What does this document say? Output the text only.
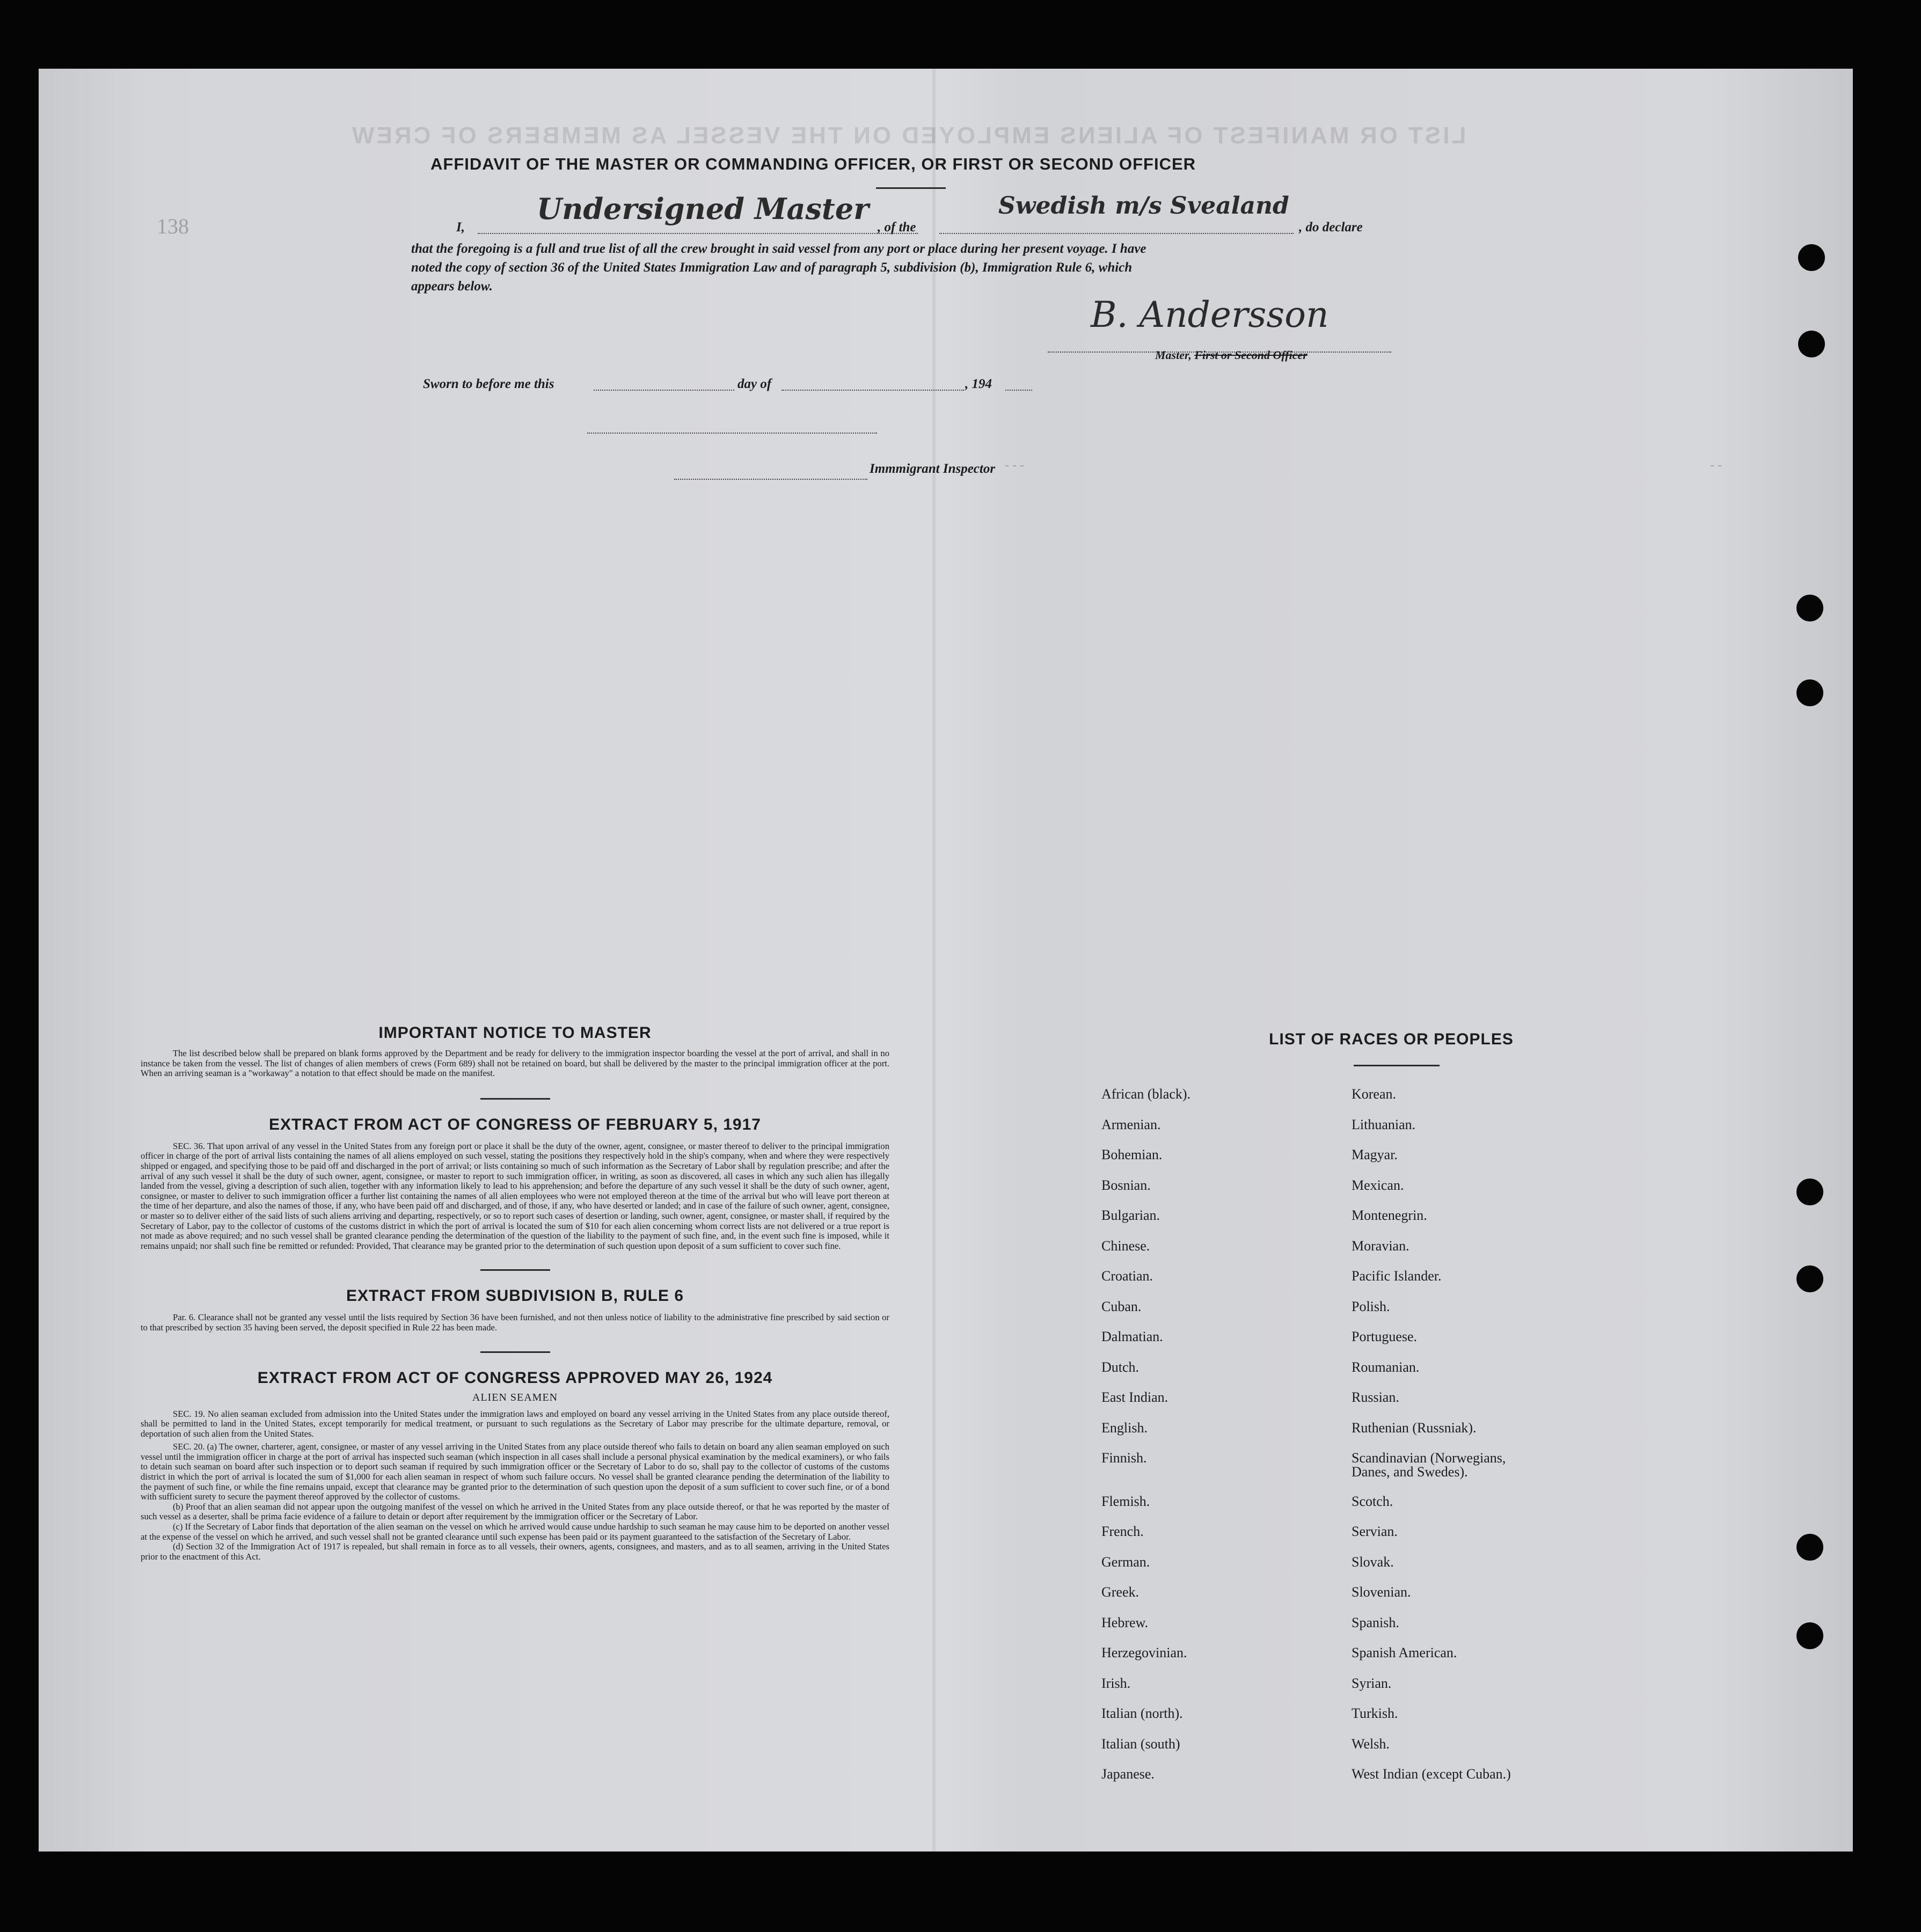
LIST OR MANIFEST OF ALIENS EMPLOYED ON THE VESSEL AS MEMBERS OF CREW
138
- - -                                                                                                                                                                                                                     - -
AFFIDAVIT OF THE MASTER OR COMMANDING OFFICER, OR FIRST OR SECOND OFFICER
I,
Undersigned Master
, of the
Swedish m/s Svealand
, do declare
that the foregoing is a full and true list of all the crew brought in said vessel from any port or place during her present voyage. I have
noted the copy of section 36 of the United States Immigration Law and of paragraph 5, subdivision (b), Immigration Rule 6, which
appears below.
B. Andersson
Master, First or Second Officer
Sworn to before me this	day of	, 194
Immmigrant Inspector
IMPORTANT NOTICE TO MASTER

The list described below shall be prepared on blank forms approved by the Department and be ready for delivery to the immigration inspector boarding the vessel at the port of arrival, and shall in no instance be taken from the vessel. The list of changes of alien members of crews (Form 689) shall not be retained on board, but shall be delivered by the master to the principal immigration officer at the port. When an arriving seaman is a "workaway" a notation to that effect should be made on the manifest.

EXTRACT FROM ACT OF CONGRESS OF FEBRUARY 5, 1917

SEC. 36. That upon arrival of any vessel in the United States from any foreign port or place it shall be the duty of the owner, agent, consignee, or master thereof to deliver to the principal immigration officer in charge of the port of arrival lists containing the names of all aliens employed on such vessel, stating the positions they respectively hold in the ship's company, when and where they were respectively shipped or engaged, and specifying those to be paid off and discharged in the port of arrival; or lists containing so much of such information as the Secretary of Labor shall by regulation prescribe; and after the arrival of any such vessel it shall be the duty of such owner, agent, consignee, or master to report to such immigration officer, in writing, as soon as discovered, all cases in which any such alien has illegally landed from the vessel, giving a description of such alien, together with any information likely to lead to his apprehension; and before the departure of any such vessel it shall be the duty of such owner, agent, consignee, or master to deliver to such immigration officer a further list containing the names of all alien employees who were not employed thereon at the time of the arrival but who will leave port thereon at the time of her departure, and also the names of those, if any, who have been paid off and discharged, and of those, if any, who have deserted or landed; and in case of the failure of such owner, agent, consignee, or master so to deliver either of the said lists of such aliens arriving and departing, respectively, or so to report such cases of desertion or landing, such owner, agent, consignee, or master shall, if required by the Secretary of Labor, pay to the collector of customs of the customs district in which the port of arrival is located the sum of $10 for each alien concerning whom correct lists are not delivered or a true report is not made as above required; and no such vessel shall be granted clearance pending the determination of the question of the liability to the payment of such fine, and, in the event such fine is imposed, while it remains unpaid; nor shall such fine be remitted or refunded: Provided, That clearance may be granted prior to the determination of such question upon deposit of a sum sufficient to cover such fine.

EXTRACT FROM SUBDIVISION B, RULE 6

Par. 6. Clearance shall not be granted any vessel until the lists required by Section 36 have been furnished, and not then unless notice of liability to the administrative fine prescribed by said section or to that prescribed by section 35 having been served, the deposit specified in Rule 22 has been made.

EXTRACT FROM ACT OF CONGRESS APPROVED MAY 26, 1924
ALIEN SEAMEN

SEC. 19. No alien seaman excluded from admission into the United States under the immigration laws and employed on board any vessel arriving in the United States from any place outside thereof, shall be permitted to land in the United States, except temporarily for medical treatment, or pursuant to such regulations as the Secretary of Labor may prescribe for the ultimate departure, removal, or deportation of such alien from the United States.

SEC. 20. (a) The owner, charterer, agent, consignee, or master of any vessel arriving in the United States from any place outside thereof who fails to detain on board any alien seaman employed on such vessel until the immigration officer in charge at the port of arrival has inspected such seaman (which inspection in all cases shall include a personal physical examination by the medical examiners), or who fails to detain such seaman on board after such inspection or to deport such seaman if required by such immigration officer or the Secretary of Labor to do so, shall pay to the collector of customs of the customs district in which the port of arrival is located the sum of $1,000 for each alien seaman in respect of whom such failure occurs. No vessel shall be granted clearance pending the determination of the liability to the payment of such fine, or while the fine remains unpaid, except that clearance may be granted prior to the determination of such question upon the deposit of a sum sufficient to cover such fine, or of a bond with sufficient surety to secure the payment thereof approved by the collector of customs.

(b) Proof that an alien seaman did not appear upon the outgoing manifest of the vessel on which he arrived in the United States from any place outside thereof, or that he was reported by the master of such vessel as a deserter, shall be prima facie evidence of a failure to detain or deport after requirement by the immigration officer or the Secretary of Labor.

(c) If the Secretary of Labor finds that deportation of the alien seaman on the vessel on which he arrived would cause undue hardship to such seaman he may cause him to be deported on another vessel at the expense of the vessel on which he arrived, and such vessel shall not be granted clearance until such expense has been paid or its payment guaranteed to the satisfaction of the Secretary of Labor.

(d) Section 32 of the Immigration Act of 1917 is repealed, but shall remain in force as to all vessels, their owners, agents, consignees, and masters, and as to all seamen, arriving in the United States prior to the enactment of this Act.

LIST OF RACES OR PEOPLES
African (black).
Armenian.
Bohemian.
Bosnian.
Bulgarian.
Chinese.
Croatian.
Cuban.
Dalmatian.
Dutch.
East Indian.
English.
Finnish.
Flemish.
French.
German.
Greek.
Hebrew.
Herzegovinian.
Irish.
Italian (north).
Italian (south)
Japanese.
Korean.
Lithuanian.
Magyar.
Mexican.
Montenegrin.
Moravian.
Pacific Islander.
Polish.
Portuguese.
Roumanian.
Russian.
Ruthenian (Russniak).
Scandinavian (Norwegians,
Danes, and Swedes).
Scotch.
Servian.
Slovak.
Slovenian.
Spanish.
Spanish American.
Syrian.
Turkish.
Welsh.
West Indian (except Cuban.)
